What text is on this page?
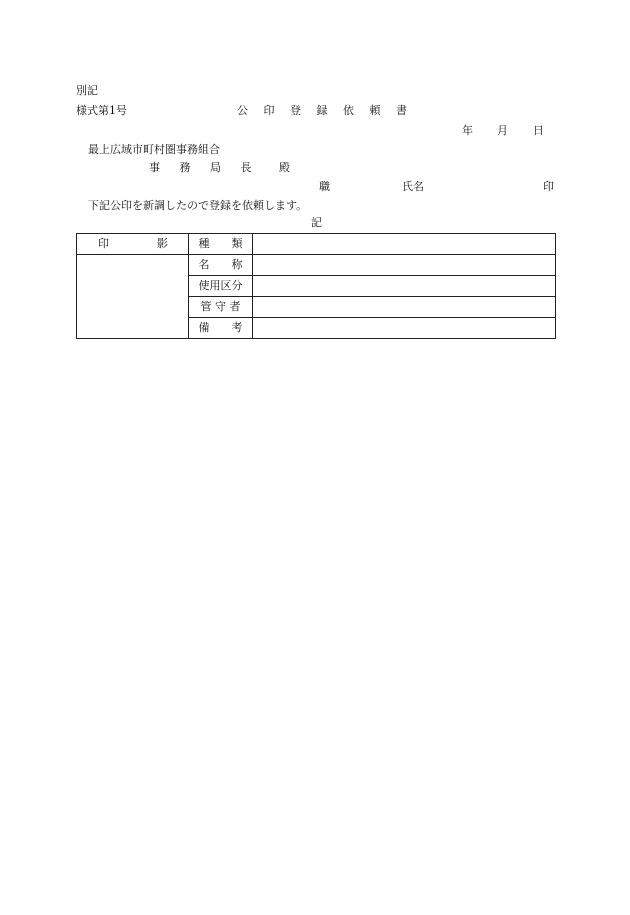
別記
様式第1号	公 印 登 録 依 頼 書
年 月 日
最上広域市町村圏事務組合
事 務 局 長 殿
職	氏名	印
下記公印を新調したので登録を依頼します。
記
印 影	種　　類	
	名　　称	
	使用区分	
	管 守 者	
	備　　考	
